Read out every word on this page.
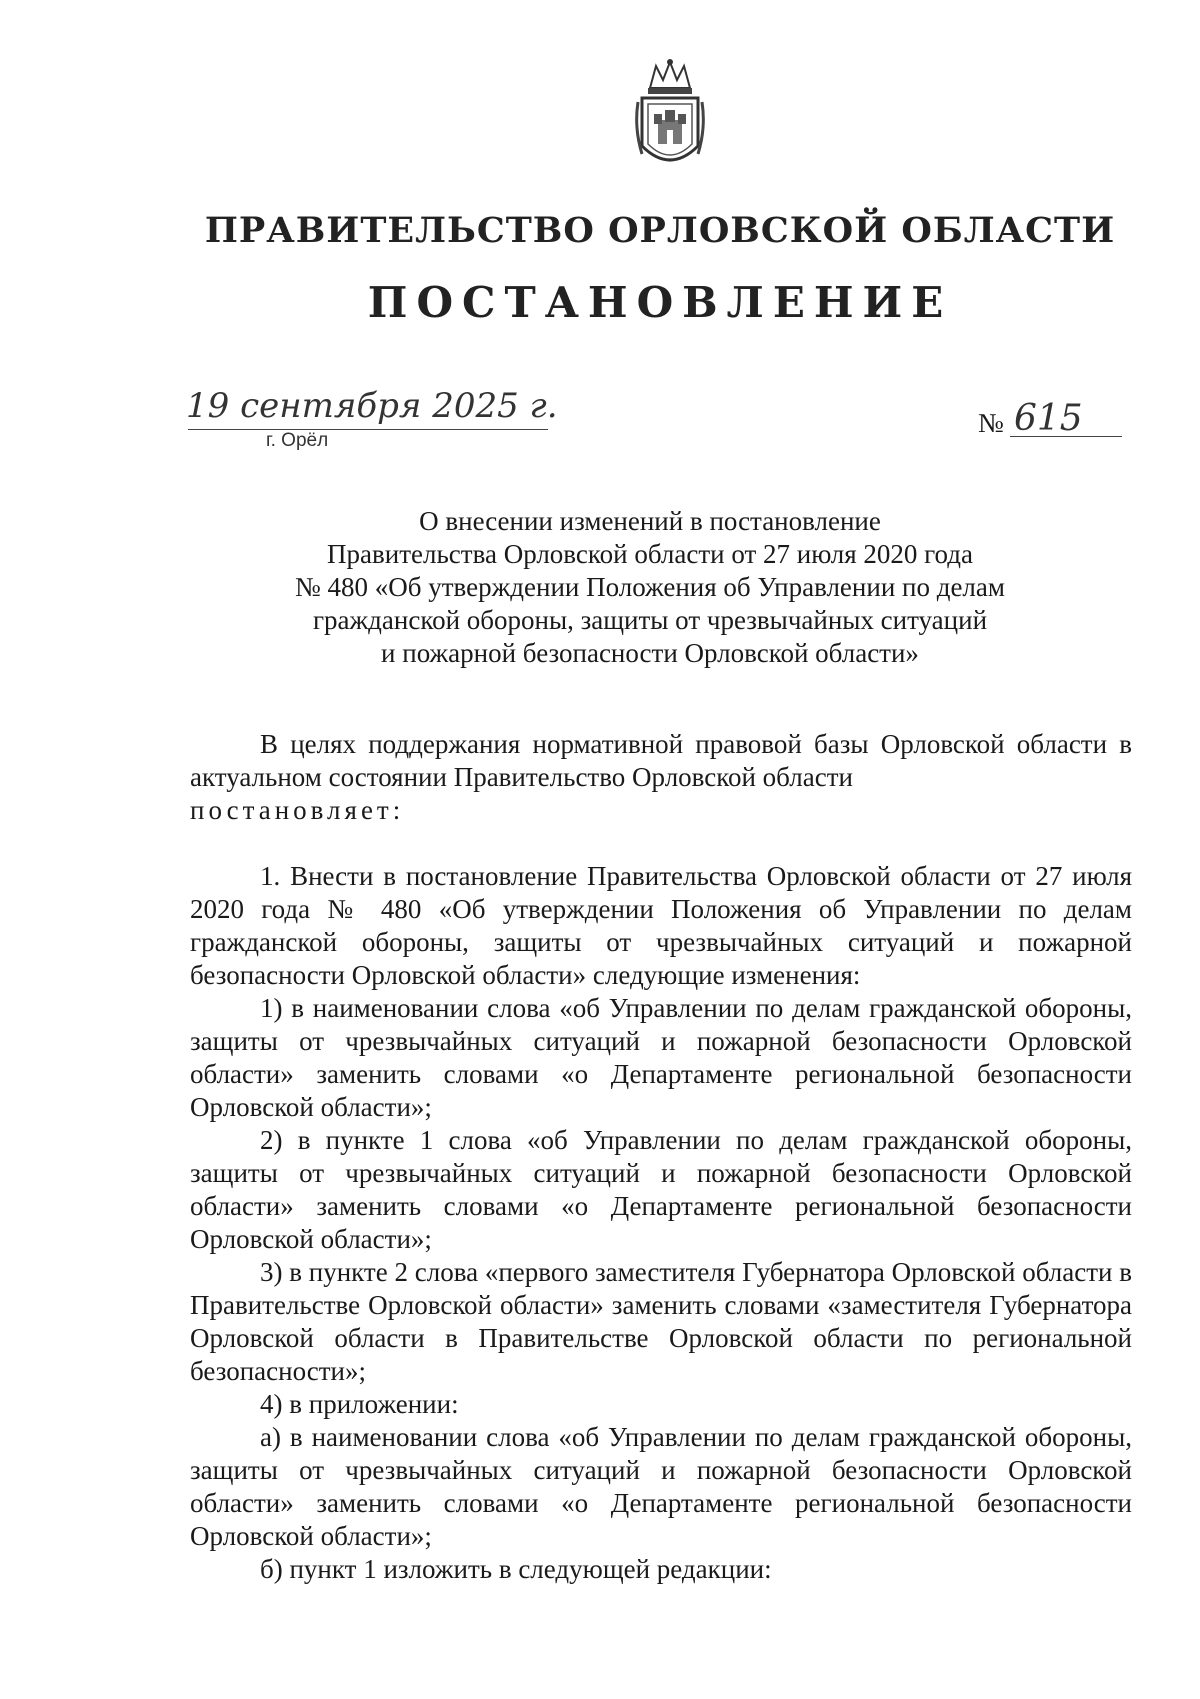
ПРАВИТЕЛЬСТВО ОРЛОВСКОЙ ОБЛАСТИ
ПОСТАНОВЛЕНИЕ
19 сентября 2025 г.
г. Орёл
№ 615
О внесении изменений в постановление
Правительства Орловской области от 27 июля 2020 года
№ 480 «Об утверждении Положения об Управлении по делам
гражданской обороны, защиты от чрезвычайных ситуаций
и пожарной безопасности Орловской области»

В целях поддержания нормативной правовой базы Орловской области в актуальном состоянии Правительство Орловской области

постановляет:

1. Внести в постановление Правительства Орловской области от 27 июля 2020 года № 480 «Об утверждении Положения об Управлении по делам гражданской обороны, защиты от чрезвычайных ситуаций и пожарной безопасности Орловской области» следующие изменения:

1) в наименовании слова «об Управлении по делам гражданской обороны, защиты от чрезвычайных ситуаций и пожарной безопасности Орловской области» заменить словами «о Департаменте региональной безопасности Орловской области»;

2) в пункте 1 слова «об Управлении по делам гражданской обороны, защиты от чрезвычайных ситуаций и пожарной безопасности Орловской области» заменить словами «о Департаменте региональной безопасности Орловской области»;

3) в пункте 2 слова «первого заместителя Губернатора Орловской области в Правительстве Орловской области» заменить словами «заместителя Губернатора Орловской области в Правительстве Орловской области по региональной безопасности»;

4) в приложении:

а) в наименовании слова «об Управлении по делам гражданской обороны, защиты от чрезвычайных ситуаций и пожарной безопасности Орловской области» заменить словами «о Департаменте региональной безопасности Орловской области»;

б) пункт 1 изложить в следующей редакции:
